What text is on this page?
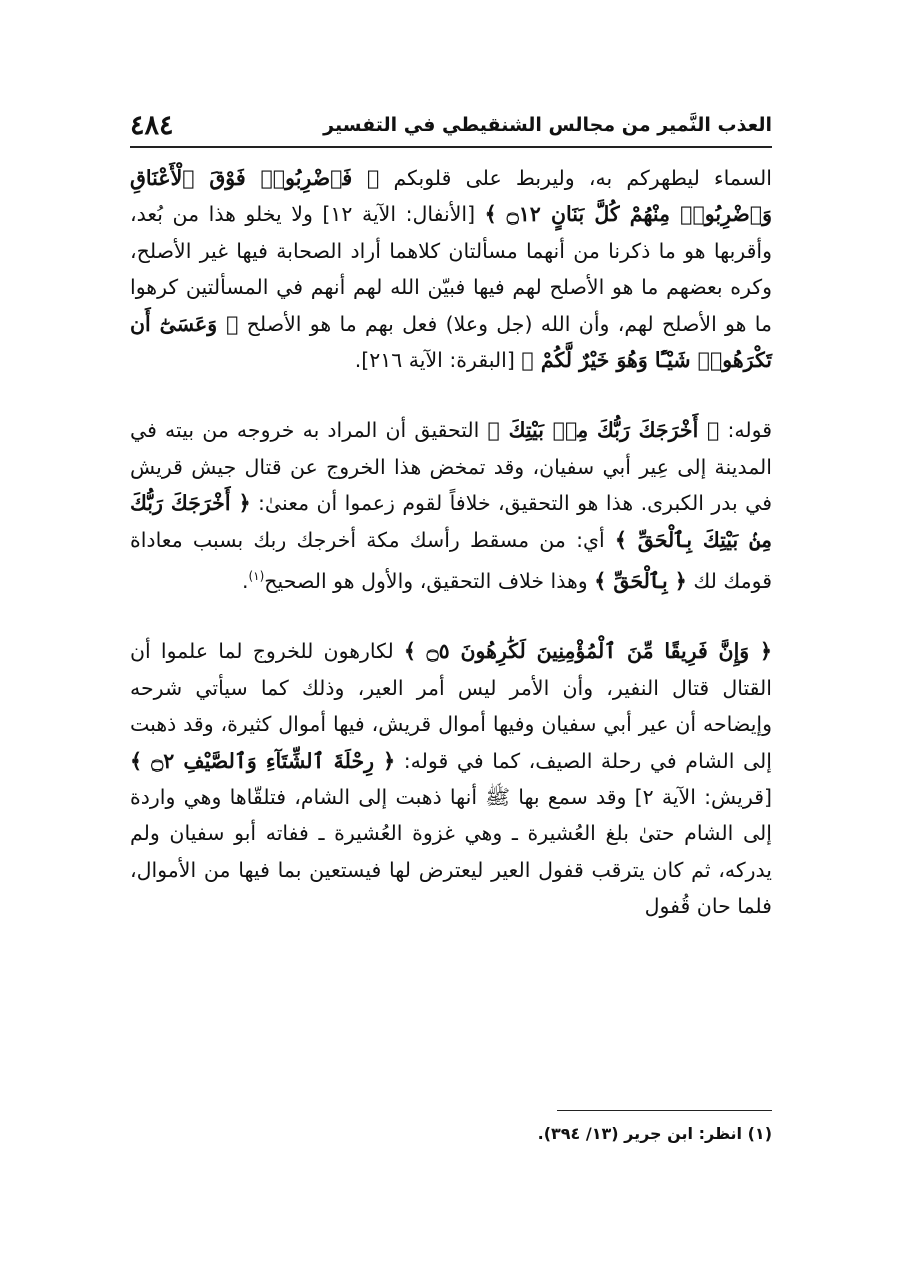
٤٨٤	العذب النَّمير من مجالس الشنقيطي في التفسير

السماء ليطهركم به، وليربط على قلوبكم ﴿ فَٱضْرِبُوا۟ فَوْقَ ٱلْأَعْنَاقِ وَٱضْرِبُوا۟ مِنْهُمْ كُلَّ بَنَانٍ ۝١٢ ﴾ [الأنفال: الآية ١٢] ولا يخلو هذا من بُعد، وأقربها هو ما ذكرنا من أنهما مسألتان كلاهما أراد الصحابة فيها غير الأصلح، وكره بعضهم ما هو الأصلح لهم فيها فبيّن الله لهم أنهم في المسألتين كرهوا ما هو الأصلح لهم، وأن الله (جل وعلا) فعل بهم ما هو الأصلح ﴿ وَعَسَىٰٓ أَن تَكْرَهُوا۟ شَيْـًٔا وَهُوَ خَيْرٌ لَّكُمْ ﴾ [البقرة: الآية ٢١٦].

قوله: ﴿ أَخْرَجَكَ رَبُّكَ مِنۢ بَيْتِكَ ﴾ التحقيق أن المراد به خروجه من بيته في المدينة إلى عِير أبي سفيان، وقد تمخض هذا الخروج عن قتال جيش قريش في بدر الكبرى. هذا هو التحقيق، خلافاً لقوم زعموا أن معنىٰ: ﴿ أَخْرَجَكَ رَبُّكَ مِنۢ بَيْتِكَ بِٱلْحَقِّ ﴾ أي: من مسقط رأسك مكة أخرجك ربك بسبب معاداة قومك لك ﴿ بِٱلْحَقِّ ﴾ وهذا خلاف التحقيق، والأول هو الصحيح$^{(١)}$.

﴿ وَإِنَّ فَرِيقًا مِّنَ ٱلْمُؤْمِنِينَ لَكَٰرِهُونَ ۝٥ ﴾ لكارهون للخروج لما علموا أن القتال قتال النفير، وأن الأمر ليس أمر العير، وذلك كما سيأتي شرحه وإيضاحه أن عير أبي سفيان وفيها أموال قريش، فيها أموال كثيرة، وقد ذهبت إلى الشام في رحلة الصيف، كما في قوله: ﴿ رِحْلَةَ ٱلشِّتَآءِ وَٱلصَّيْفِ ۝٢ ﴾ [قريش: الآية ٢] وقد سمع بها ﷺ أنها ذهبت إلى الشام، فتلقّاها وهي واردة إلى الشام حتىٰ بلغ العُشيرة ـ وهي غزوة العُشيرة ـ ففاته أبو سفيان ولم يدركه، ثم كان يترقب قفول العير ليعترض لها فيستعين بما فيها من الأموال، فلما حان قُفول

(١) انظر: ابن جرير (١٣/ ٣٩٤).
